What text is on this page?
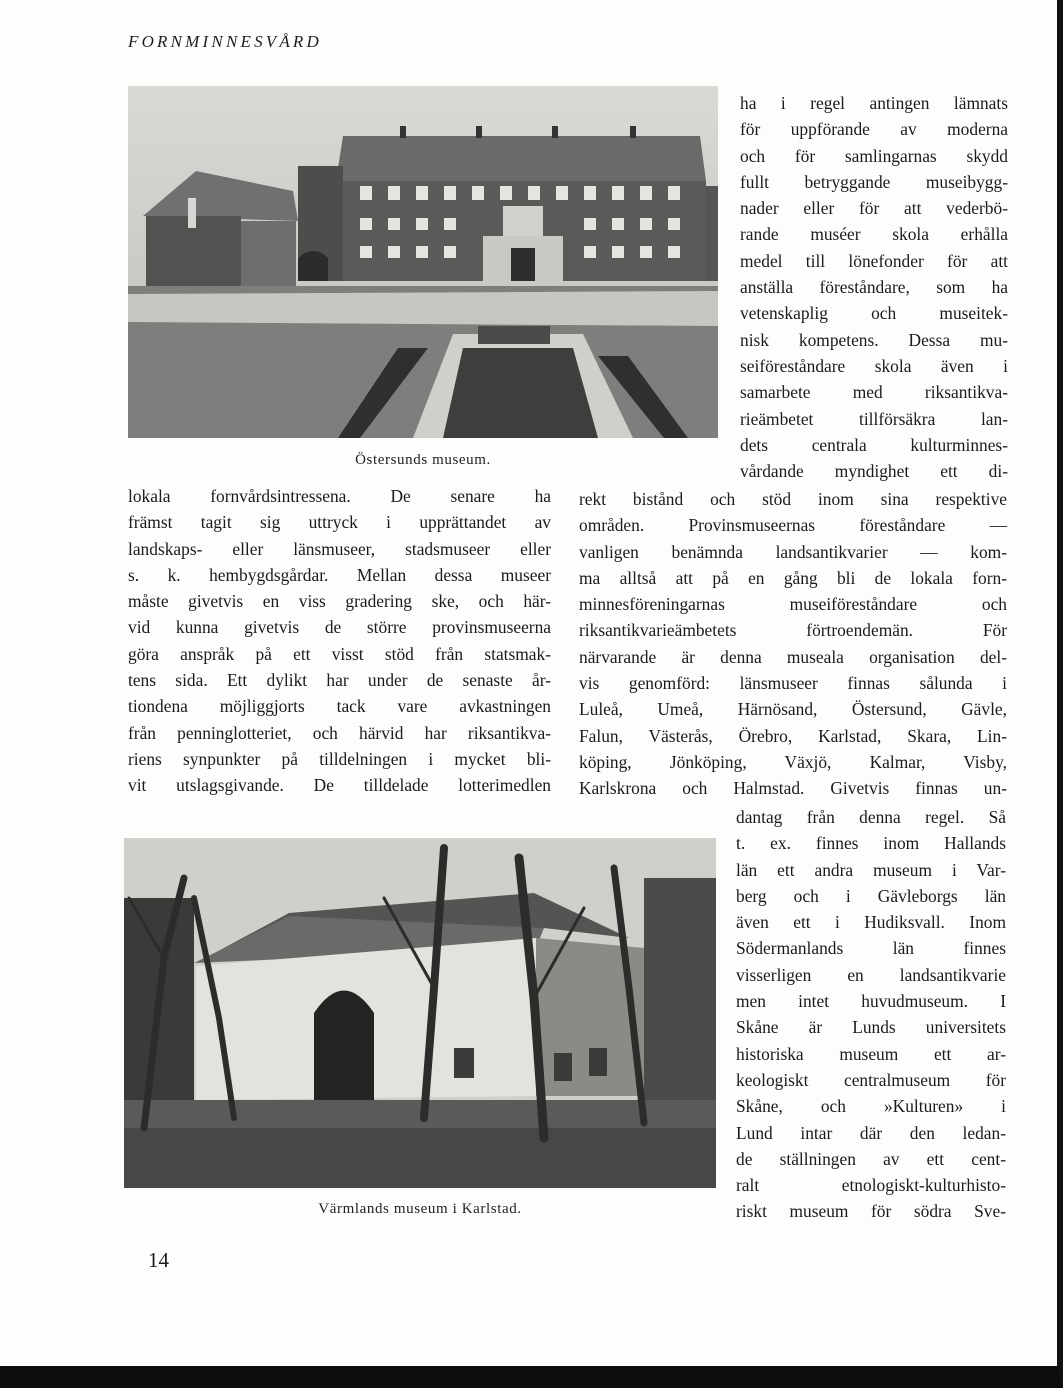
FORNMINNESVÅRD
Östersunds museum.
Värmlands museum i Karlstad.
ha i regel antingen lämnats
för uppförande av moderna
och för samlingarnas skydd
fullt betryggande museibygg-
nader eller för att vederbö-
rande muséer skola erhålla
medel till lönefonder för att
anställa föreståndare, som ha
vetenskaplig och museitek-
nisk kompetens. Dessa mu-
seiföreståndare skola även i
samarbete med riksantikva-
rieämbetet tillförsäkra lan-
dets centrala kulturminnes-
vårdande myndighet ett di-
lokala fornvårdsintressena. De senare ha
främst tagit sig uttryck i upprättandet av
landskaps- eller länsmuseer, stadsmuseer eller
s. k. hembygdsgårdar. Mellan dessa museer
måste givetvis en viss gradering ske, och här-
vid kunna givetvis de större provinsmuseerna
göra anspråk på ett visst stöd från statsmak-
tens sida. Ett dylikt har under de senaste år-
tiondena möjliggjorts tack vare avkastningen
från penninglotteriet, och härvid har riksantikva-
riens synpunkter på tilldelningen i mycket bli-
vit utslagsgivande. De tilldelade lotterimedlen
rekt bistånd och stöd inom sina respektive
områden. Provinsmuseernas föreståndare —
vanligen benämnda landsantikvarier — kom-
ma alltså att på en gång bli de lokala forn-
minnesföreningarnas museiföreståndare och
riksantikvarieämbetets förtroendemän. För
närvarande är denna museala organisation del-
vis genomförd: länsmuseer finnas sålunda i
Luleå, Umeå, Härnösand, Östersund, Gävle,
Falun, Västerås, Örebro, Karlstad, Skara, Lin-
köping, Jönköping, Växjö, Kalmar, Visby,
Karlskrona och Halmstad. Givetvis finnas un-
dantag från denna regel. Så
t. ex. finnes inom Hallands
län ett andra museum i Var-
berg och i Gävleborgs län
även ett i Hudiksvall. Inom
Södermanlands län finnes
visserligen en landsantikvarie
men intet huvudmuseum. I
Skåne är Lunds universitets
historiska museum ett ar-
keologiskt centralmuseum för
Skåne, och »Kulturen» i
Lund intar där den ledan-
de ställningen av ett cent-
ralt etnologiskt-kulturhisto-
riskt museum för södra Sve-
14
